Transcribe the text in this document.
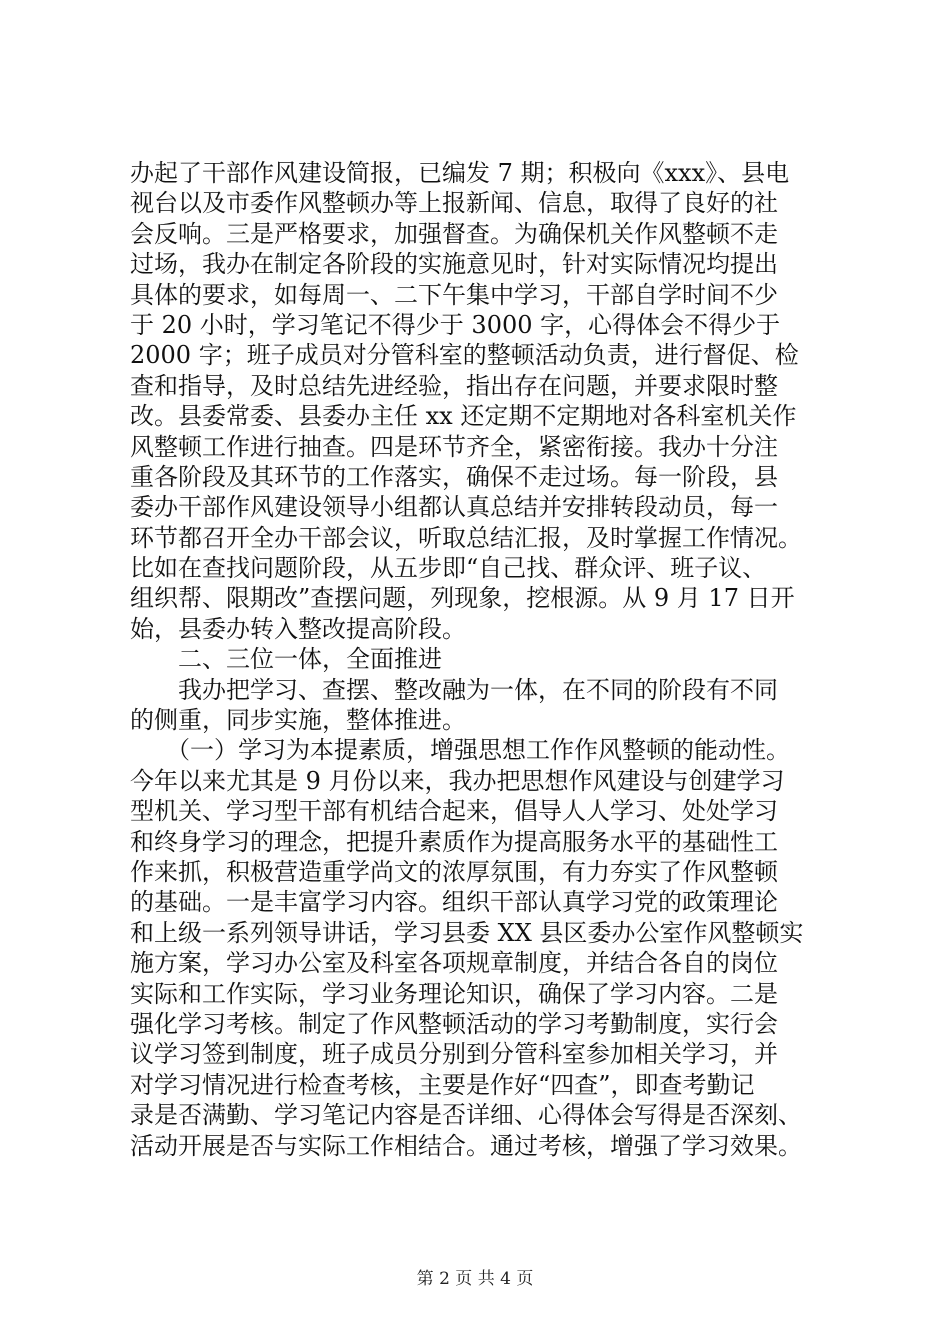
办起了干部作风建设简报，已编发 7 期；积极向《xxx》、县电
视台以及市委作风整顿办等上报新闻、信息，取得了良好的社
会反响。三是严格要求，加强督查。为确保机关作风整顿不走
过场，我办在制定各阶段的实施意见时，针对实际情况均提出
具体的要求，如每周一、二下午集中学习，干部自学时间不少
于 20 小时，学习笔记不得少于 3000 字，心得体会不得少于
2000 字；班子成员对分管科室的整顿活动负责，进行督促、检
查和指导，及时总结先进经验，指出存在问题，并要求限时整
改。县委常委、县委办主任 xx 还定期不定期地对各科室机关作
风整顿工作进行抽查。四是环节齐全，紧密衔接。我办十分注
重各阶段及其环节的工作落实，确保不走过场。每一阶段，县
委办干部作风建设领导小组都认真总结并安排转段动员，每一
环节都召开全办干部会议，听取总结汇报，及时掌握工作情况。
比如在查找问题阶段，从五步即“自己找、群众评、班子议、
组织帮、限期改”查摆问题，列现象，挖根源。从 9 月 17 日开
始，县委办转入整改提高阶段。
　　二、三位一体，全面推进
　　我办把学习、查摆、整改融为一体，在不同的阶段有不同
的侧重，同步实施，整体推进。
　　（一）学习为本提素质，增强思想工作作风整顿的能动性。
今年以来尤其是 9 月份以来，我办把思想作风建设与创建学习
型机关、学习型干部有机结合起来，倡导人人学习、处处学习
和终身学习的理念，把提升素质作为提高服务水平的基础性工
作来抓，积极营造重学尚文的浓厚氛围，有力夯实了作风整顿
的基础。一是丰富学习内容。组织干部认真学习党的政策理论
和上级一系列领导讲话，学习县委 XX 县区委办公室作风整顿实
施方案，学习办公室及科室各项规章制度，并结合各自的岗位
实际和工作实际，学习业务理论知识，确保了学习内容。二是
强化学习考核。制定了作风整顿活动的学习考勤制度，实行会
议学习签到制度，班子成员分别到分管科室参加相关学习，并
对学习情况进行检查考核，主要是作好“四查”，即查考勤记
录是否满勤、学习笔记内容是否详细、心得体会写得是否深刻、
活动开展是否与实际工作相结合。通过考核，增强了学习效果。
第 2 页 共 4 页
